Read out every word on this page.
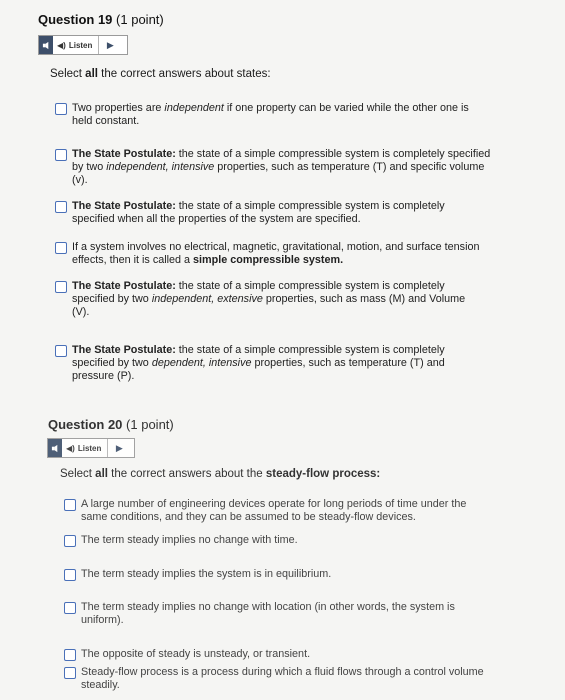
Question 19 (1 point)
◀) Listen	▶
Select all the correct answers about states:
Two properties are independent if one property can be varied while the other one is held constant.
The State Postulate: the state of a simple compressible system is completely specified by two independent, intensive properties, such as temperature (T) and specific volume (v).
The State Postulate: the state of a simple compressible system is completely specified when all the properties of the system are specified.
If a system involves no electrical, magnetic, gravitational, motion, and surface tension effects, then it is called a simple compressible system.
The State Postulate: the state of a simple compressible system is completely specified by two independent, extensive properties, such as mass (M) and Volume (V).
The State Postulate: the state of a simple compressible system is completely specified by two dependent, intensive properties, such as temperature (T) and pressure (P).
Question 20 (1 point)
◀) Listen	▶
Select all the correct answers about the steady-flow process:
A large number of engineering devices operate for long periods of time under the same conditions, and they can be assumed to be steady-flow devices.
The term steady implies no change with time.
The term steady implies the system is in equilibrium.
The term steady implies no change with location (in other words, the system is uniform).
The opposite of steady is unsteady, or transient.
Steady-flow process is a process during which a fluid flows through a control volume steadily.
